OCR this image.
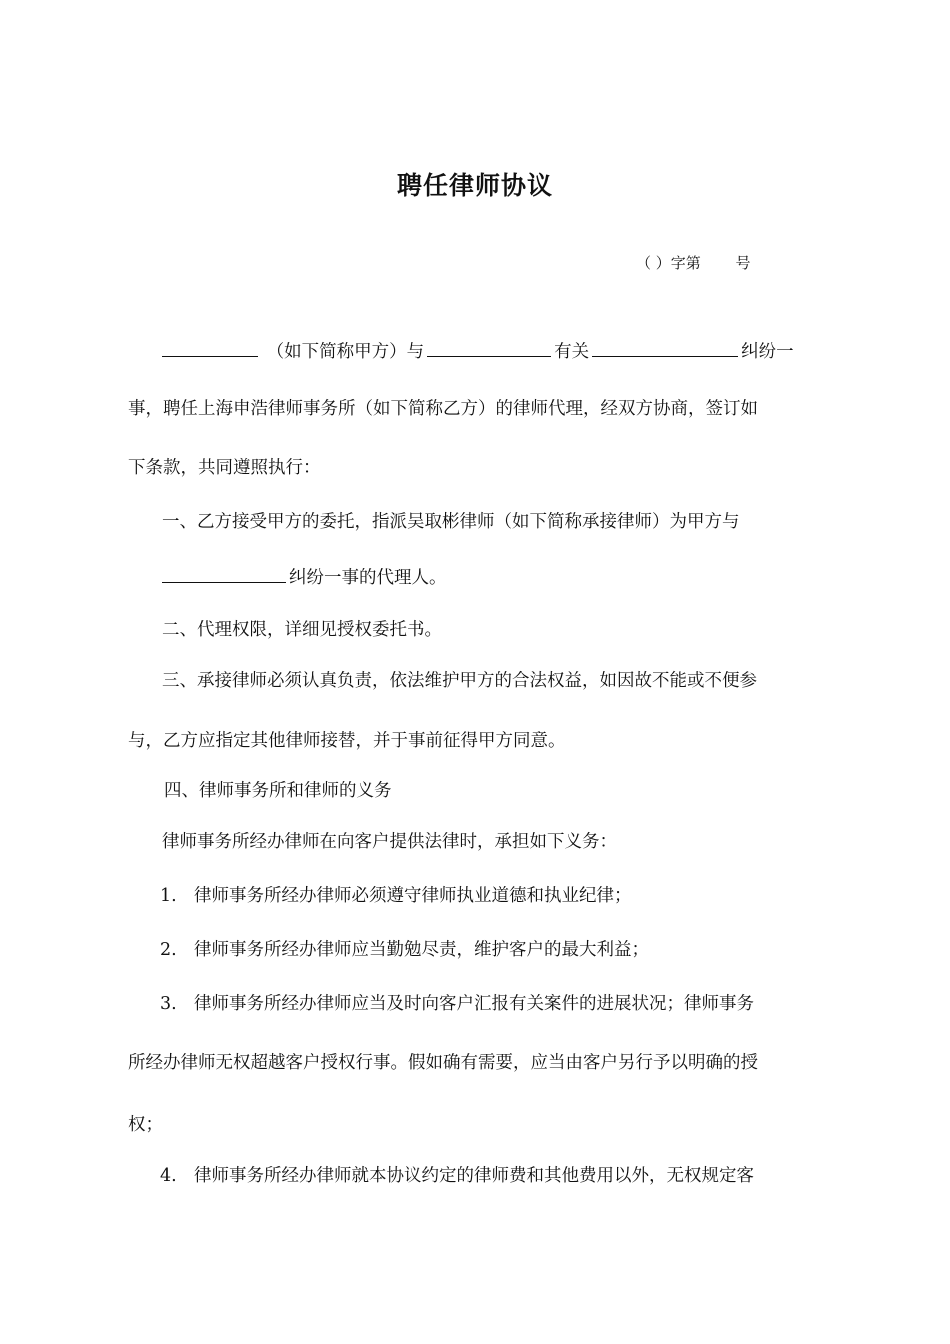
聘任律师协议
（ ）字第　　 号
（如下简称甲方）与	有关	纠纷一
事，聘任上海申浩律师事务所（如下简称乙方）的律师代理，经双方协商，签订如
下条款，共同遵照执行：
一、乙方接受甲方的委托，指派吴取彬律师（如下简称承接律师）为甲方与
纠纷一事的代理人。
二、代理权限，详细见授权委托书。
三、承接律师必须认真负责，依法维护甲方的合法权益，如因故不能或不便参
与，乙方应指定其他律师接替，并于事前征得甲方同意。
四、律师事务所和律师的义务
律师事务所经办律师在向客户提供法律时，承担如下义务：
1. 律师事务所经办律师必须遵守律师执业道德和执业纪律；
2. 律师事务所经办律师应当勤勉尽责，维护客户的最大利益；
3. 律师事务所经办律师应当及时向客户汇报有关案件的进展状况；律师事务
所经办律师无权超越客户授权行事。假如确有需要，应当由客户另行予以明确的授
权；
4. 律师事务所经办律师就本协议约定的律师费和其他费用以外，无权规定客
